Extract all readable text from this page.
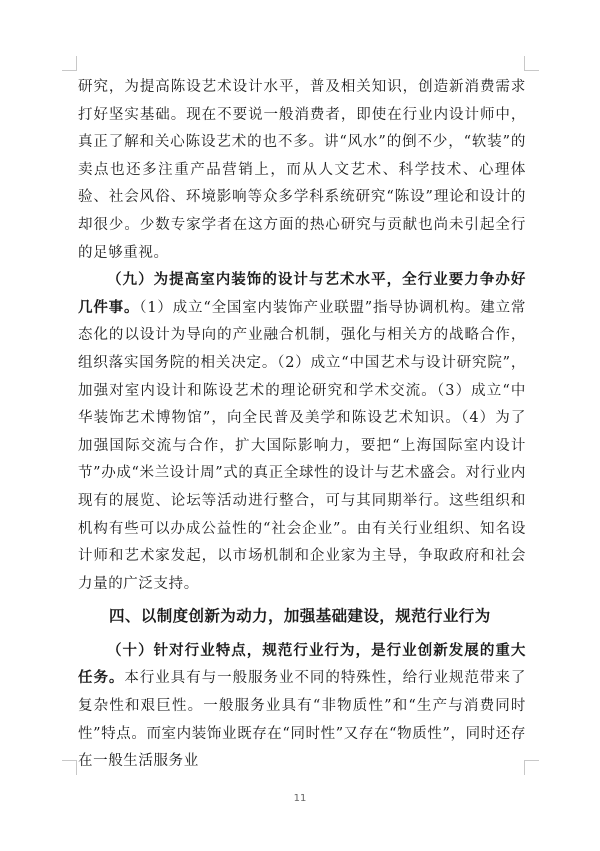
研究，为提高陈设艺术设计水平，普及相关知识，创造新消费需求打好坚实基础。现在不要说一般消费者，即使在行业内设计师中，真正了解和关心陈设艺术的也不多。讲“风水”的倒不少，“软装”的卖点也还多注重产品营销上，而从人文艺术、科学技术、心理体验、社会风俗、环境影响等众多学科系统研究“陈设”理论和设计的却很少。少数专家学者在这方面的热心研究与贡献也尚未引起全行的足够重视。

（九）为提高室内装饰的设计与艺术水平，全行业要力争办好几件事。（1）成立“全国室内装饰产业联盟”指导协调机构。建立常态化的以设计为导向的产业融合机制，强化与相关方的战略合作，组织落实国务院的相关决定。（2）成立“中国艺术与设计研究院”，加强对室内设计和陈设艺术的理论研究和学术交流。（3）成立“中华装饰艺术博物馆”，向全民普及美学和陈设艺术知识。（4）为了加强国际交流与合作，扩大国际影响力，要把“上海国际室内设计节”办成“米兰设计周”式的真正全球性的设计与艺术盛会。对行业内现有的展览、论坛等活动进行整合，可与其同期举行。这些组织和机构有些可以办成公益性的“社会企业”。由有关行业组织、知名设计师和艺术家发起，以市场机制和企业家为主导，争取政府和社会力量的广泛支持。

四、以制度创新为动力，加强基础建设，规范行业行为

（十）针对行业特点，规范行业行为，是行业创新发展的重大任务。本行业具有与一般服务业不同的特殊性，给行业规范带来了复杂性和艰巨性。一般服务业具有“非物质性”和“生产与消费同时性”特点。而室内装饰业既存在“同时性”又存在“物质性”，同时还存在一般生活服务业

11
